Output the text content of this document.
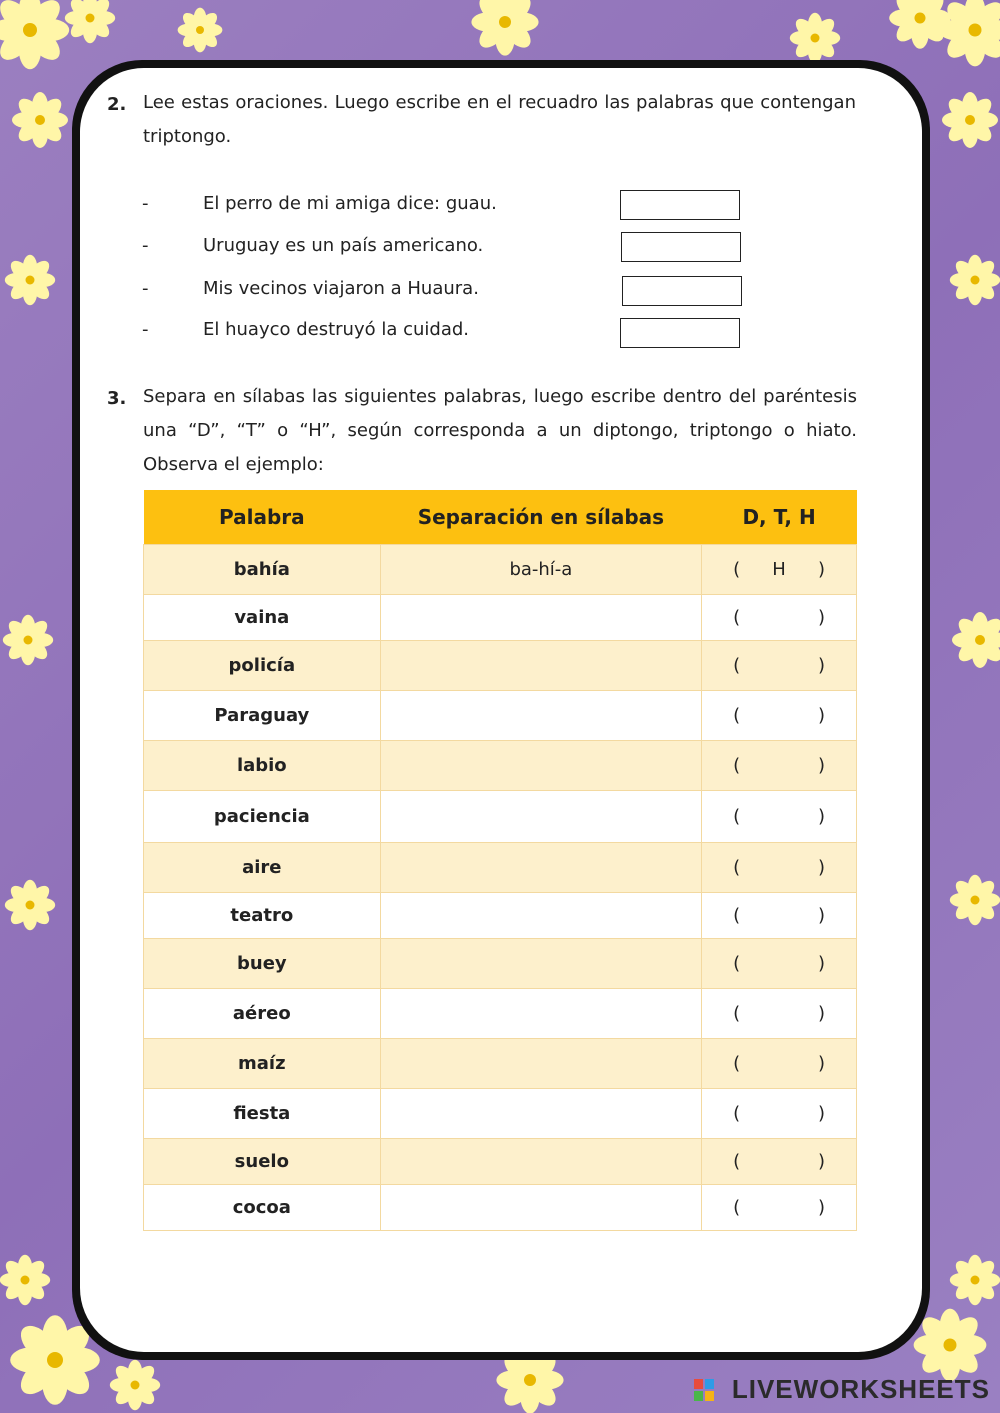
2. Lee estas oraciones. Luego escribe en el recuadro las palabras que contengan triptongo.
-	El perro de mi amiga dice: guau.
-	Uruguay es un país americano.
-	Mis vecinos viajaron a Huaura.
-	El huayco destruyó la cuidad.
3. Separa en sílabas las siguientes palabras, luego escribe dentro del paréntesis una “D”, “T” o “H”, según corresponda a un diptongo, triptongo o hiato. Observa el ejemplo:
Palabra	Separación en sílabas	D, T, H
bahía	ba-hí-a	( H )

vaina		( )

policía		( )

Paraguay		( )

labio		( )

paciencia		( )

aire		( )

teatro		( )

buey		( )

aéreo		( )

maíz		( )

fiesta		( )

suelo		( )

cocoa		( )
LIVEWORKSHEETS
